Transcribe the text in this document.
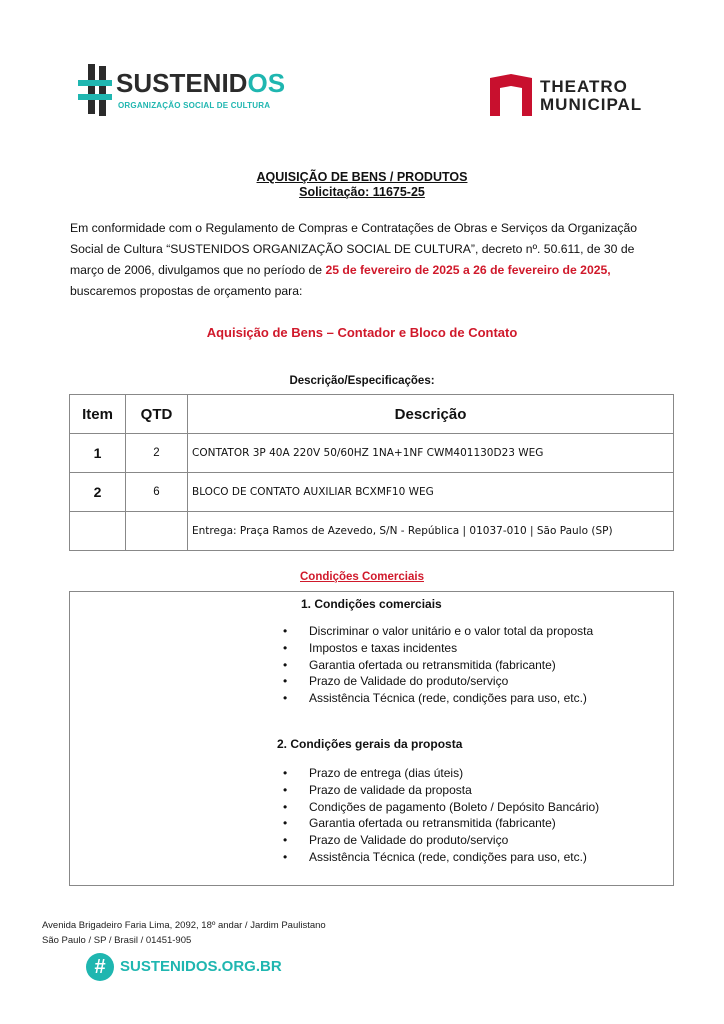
SUSTENIDOS
ORGANIZAÇÃO SOCIAL DE CULTURA
THEATRO
MUNICIPAL
AQUISIÇÃO DE BENS / PRODUTOS
Solicitação: 11675-25
Em conformidade com o Regulamento de Compras e Contratações de Obras e Serviços da Organização
Social de Cultura “SUSTENIDOS ORGANIZAÇÃO SOCIAL DE CULTURA”, decreto nº. 50.611, de 30 de
março de 2006, divulgamos que no período de 25 de fevereiro de 2025 a 26 de fevereiro de 2025,
buscaremos propostas de orçamento para:
Aquisição de Bens – Contador e Bloco de Contato
Descrição/Especificações:
Item	QTD	Descrição
1	2	CONTATOR 3P 40A 220V 50/60HZ 1NA+1NF CWM401130D23 WEG
2	6	BLOCO DE CONTATO AUXILIAR BCXMF10 WEG
		Entrega: Praça Ramos de Azevedo, S/N - República | 01037-010 | São Paulo (SP)
Condições Comerciais
1. Condições comerciais
• Discriminar o valor unitário e o valor total da proposta
• Impostos e taxas incidentes
• Garantia ofertada ou retransmitida (fabricante)
• Prazo de Validade do produto/serviço
• Assistência Técnica (rede, condições para uso, etc.)
2. Condições gerais da proposta
• Prazo de entrega (dias úteis)
• Prazo de validade da proposta
• Condições de pagamento (Boleto / Depósito Bancário)
• Garantia ofertada ou retransmitida (fabricante)
• Prazo de Validade do produto/serviço
• Assistência Técnica (rede, condições para uso, etc.)
Avenida Brigadeiro Faria Lima, 2092, 18º andar / Jardim Paulistano
São Paulo / SP / Brasil / 01451-905
# SUSTENIDOS.ORG.BR
